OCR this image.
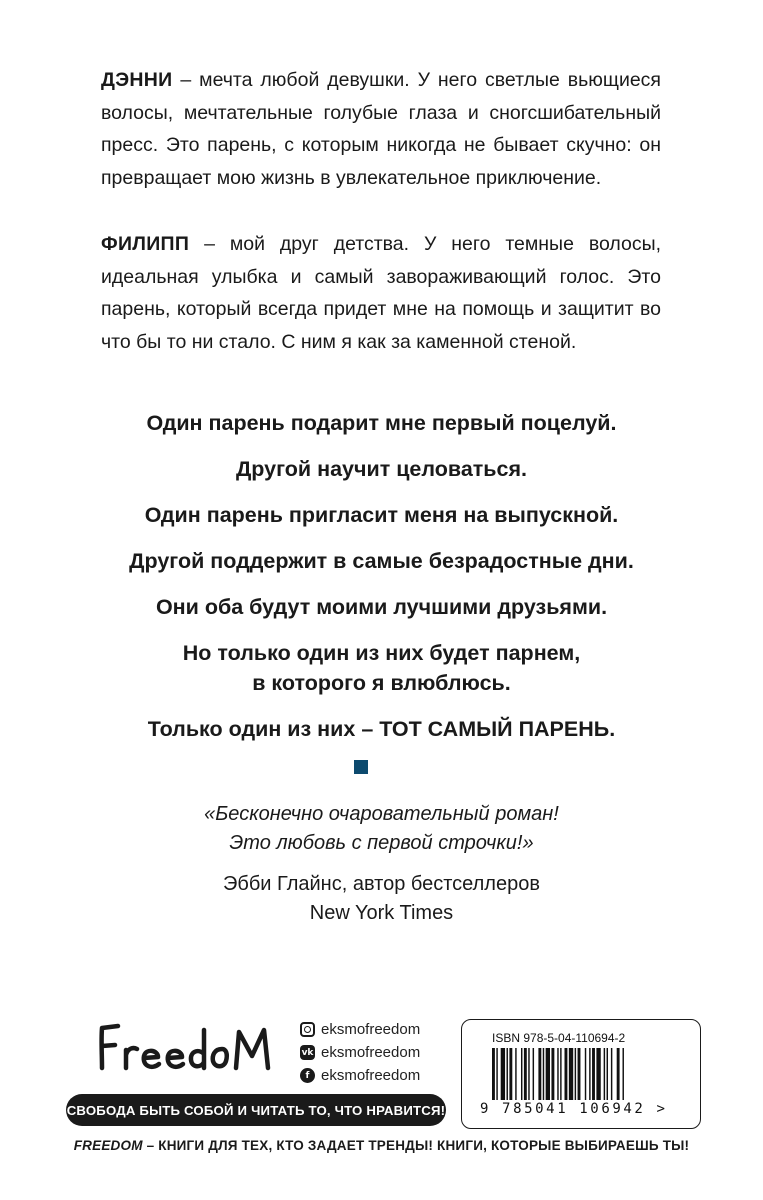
ДЭННИ – мечта любой девушки. У него светлые вьющиеся волосы, мечтательные голубые глаза и сногсшибательный пресс. Это парень, с которым никогда не бывает скучно: он превращает мою жизнь в увлекательное приключение.
ФИЛИПП – мой друг детства. У него темные волосы, идеальная улыбка и самый завораживающий голос. Это парень, который всегда придет мне на помощь и защитит во что бы то ни стало. С ним я как за каменной стеной.

Один парень подарит мне первый поцелуй.

Другой научит целоваться.

Один парень пригласит меня на выпускной.

Другой поддержит в самые безрадостные дни.

Они оба будут моими лучшими друзьями.

Но только один из них будет парнем,
в которого я влюблюсь.

Только один из них – ТОТ САМЫЙ ПАРЕНЬ.

«Бесконечно очаровательный роман!
Это любовь с первой строчки!»
Эбби Глайнс, автор бестселлеров
New York Times
eksmofreedom
vk eksmofreedom
f eksmofreedom
СВОБОДА БЫТЬ СОБОЙ И ЧИТАТЬ ТО, ЧТО НРАВИТСЯ!
ISBN 978-5-04-110694-2
9 785041 106942 >
FREEDOM – КНИГИ ДЛЯ ТЕХ, КТО ЗАДАЕТ ТРЕНДЫ! КНИГИ, КОТОРЫЕ ВЫБИРАЕШЬ ТЫ!
